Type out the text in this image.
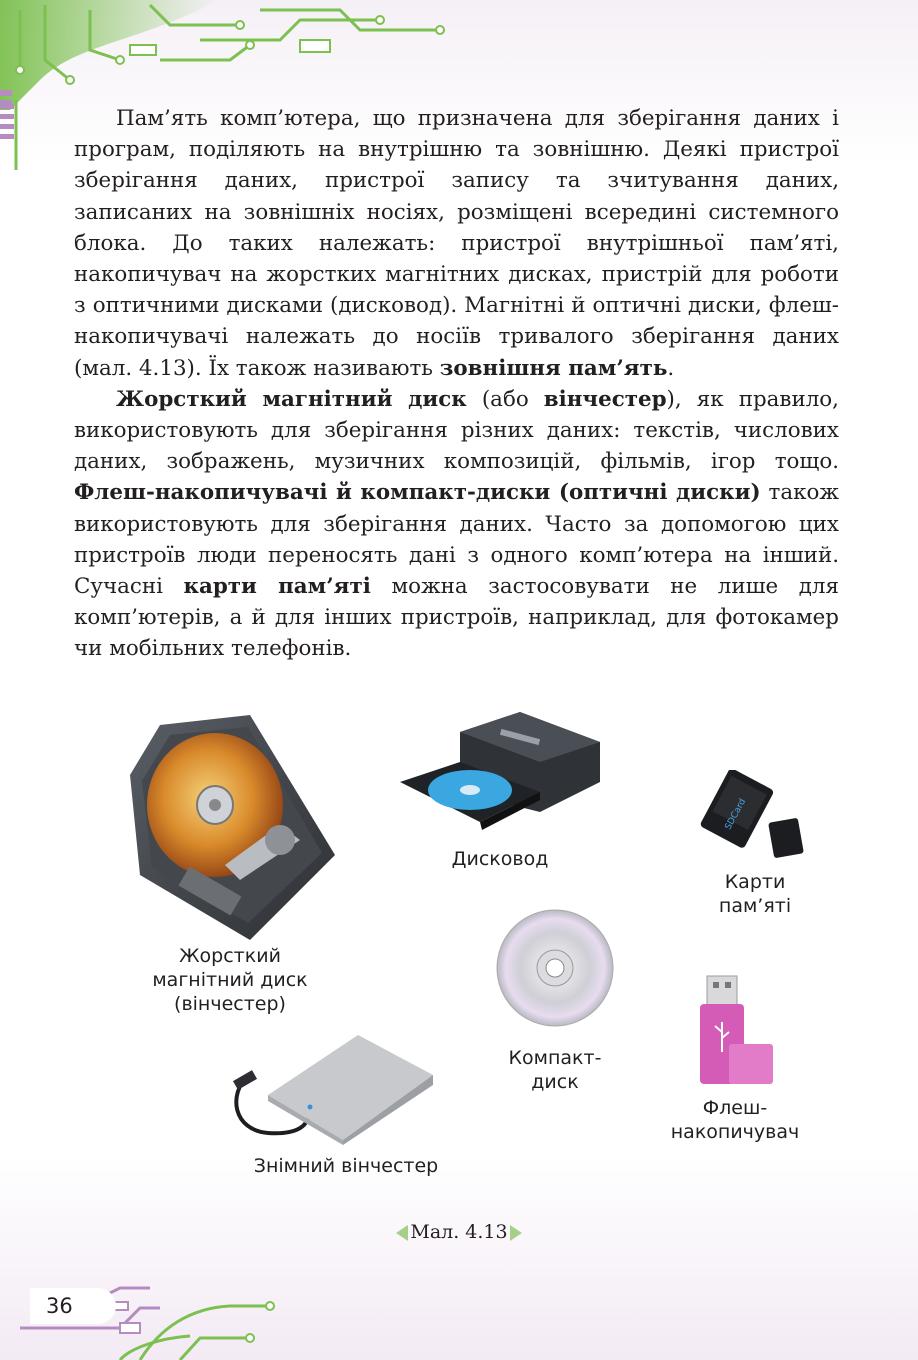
Пам’ять комп’ютера, що призначена для зберігання даних і програм, поділяють на внутрішню та зовнішню. Деякі пристрої зберігання даних, пристрої запису та зчитування даних, записаних на зовнішніх носіях, розміщені всередині системного блока. До таких належать: пристрої внутрішньої пам’яті, накопичувач на жорстких магнітних дисках, пристрій для роботи з оптичними дисками (дисковод). Магнітні й оптичні диски, флеш-накопичувачі належать до носіїв тривалого зберігання даних (мал. 4.13). Їх також називають зовнішня пам’ять.

Жорсткий магнітний диск (або вінчестер), як правило, використовують для зберігання різних даних: текстів, числових даних, зображень, музичних композицій, фільмів, ігор тощо. Флеш-накопичувачі й компакт-диски (оптичні диски) також використовують для зберігання даних. Часто за допомогою цих пристроїв люди переносять дані з одного комп’ютера на інший. Сучасні карти пам’яті можна застосовувати не лише для комп’ютерів, а й для інших пристроїв, наприклад, для фотокамер чи мобільних телефонів.

Жорсткий
магнітний диск
(вінчестер)
Дисковод
SDCard
Карти
пам’яті
Компакт-
диск
Флеш-
накопичувач
Знімний вінчестер
Мал. 4.13
36
